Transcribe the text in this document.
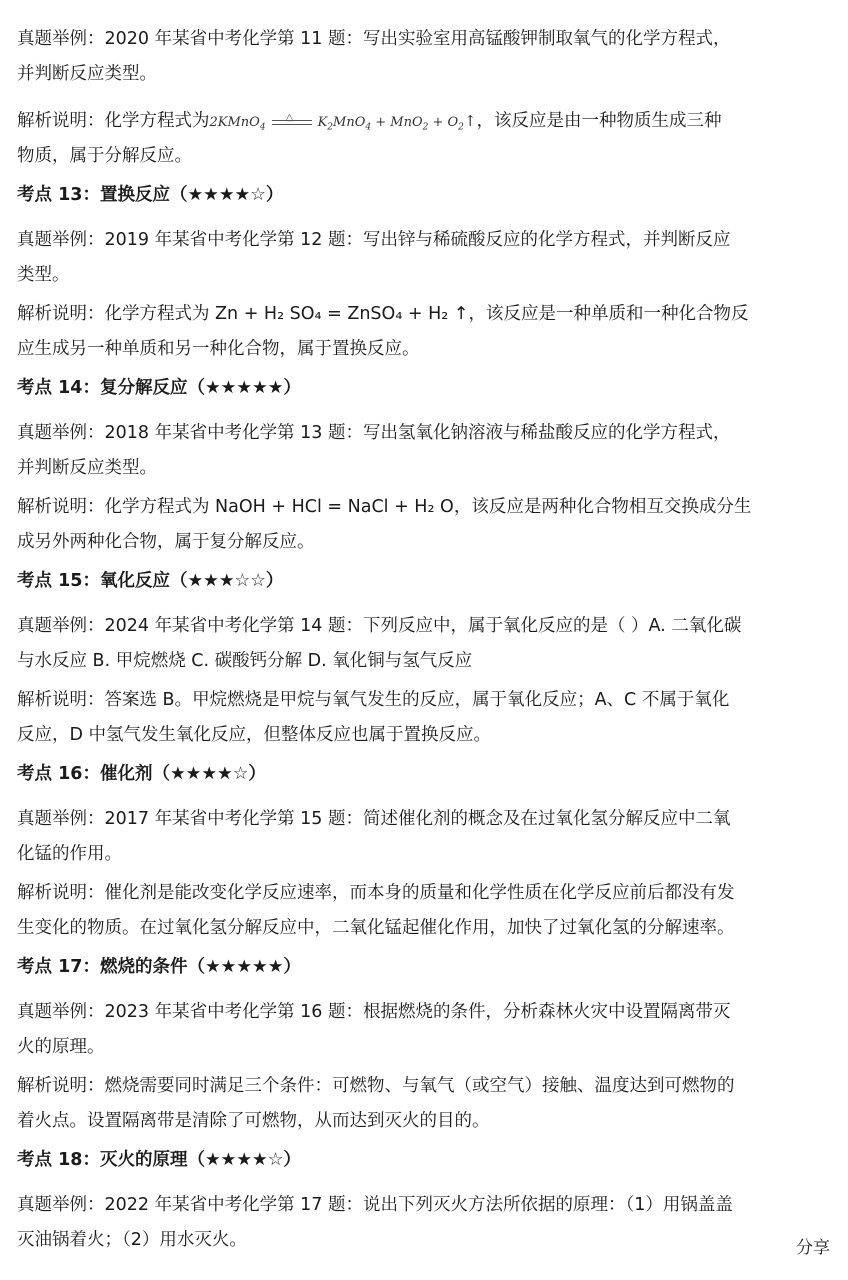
真题举例：2020 年某省中考化学第 11 题：写出实验室用高锰酸钾制取氧气的化学方程式，
并判断反应类型。
解析说明：化学方程式为2KMnO$_4$
△ $K_2MnO_4 + MnO_2$ + $O_2↑$，该反应是由一种物质生成三种
物质，属于分解反应。
考点 13：置换反应（★★★★☆）
真题举例：2019 年某省中考化学第 12 题：写出锌与稀硫酸反应的化学方程式，并判断反应
类型。
解析说明：化学方程式为 Zn + H₂ SO₄ = ZnSO₄ + H₂ ↑，该反应是一种单质和一种化合物反
应生成另一种单质和另一种化合物，属于置换反应。
考点 14：复分解反应（★★★★★）
真题举例：2018 年某省中考化学第 13 题：写出氢氧化钠溶液与稀盐酸反应的化学方程式，
并判断反应类型。
解析说明：化学方程式为 NaOH + HCl = NaCl + H₂ O，该反应是两种化合物相互交换成分生
成另外两种化合物，属于复分解反应。
考点 15：氧化反应（★★★☆☆）
真题举例：2024 年某省中考化学第 14 题：下列反应中，属于氧化反应的是（ ）A. 二氧化碳
与水反应 B. 甲烷燃烧 C. 碳酸钙分解 D. 氧化铜与氢气反应
解析说明：答案选 B。甲烷燃烧是甲烷与氧气发生的反应，属于氧化反应；A、C 不属于氧化
反应，D 中氢气发生氧化反应，但整体反应也属于置换反应。
考点 16：催化剂（★★★★☆）
真题举例：2017 年某省中考化学第 15 题：简述催化剂的概念及在过氧化氢分解反应中二氧
化锰的作用。
解析说明：催化剂是能改变化学反应速率，而本身的质量和化学性质在化学反应前后都没有发
生变化的物质。在过氧化氢分解反应中，二氧化锰起催化作用，加快了过氧化氢的分解速率。
考点 17：燃烧的条件（★★★★★）
真题举例：2023 年某省中考化学第 16 题：根据燃烧的条件，分析森林火灾中设置隔离带灭
火的原理。
解析说明：燃烧需要同时满足三个条件：可燃物、与氧气（或空气）接触、温度达到可燃物的
着火点。设置隔离带是清除了可燃物，从而达到灭火的目的。
考点 18：灭火的原理（★★★★☆）
真题举例：2022 年某省中考化学第 17 题：说出下列灭火方法所依据的原理：（1）用锅盖盖
灭油锅着火；（2）用水灭火。	分享
